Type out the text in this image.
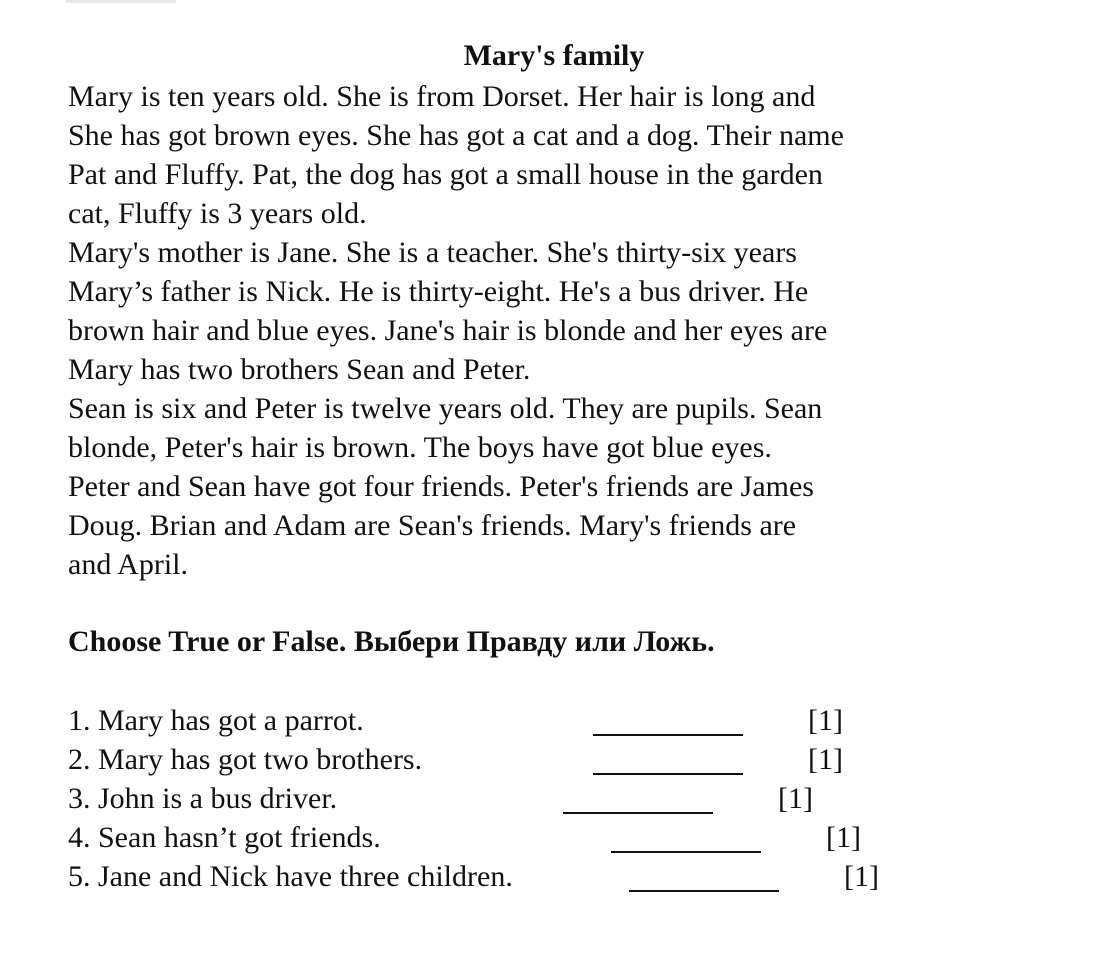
Mary's family
Mary is ten years old. She is from Dorset. Her hair is long and
She has got brown eyes. She has got a cat and a dog. Their name
Pat and Fluffy. Pat, the dog has got a small house in the garden
cat, Fluffy is 3 years old.
Mary's mother is Jane. She is a teacher. She's thirty-six years
Mary’s father is Nick. He is thirty-eight. He's a bus driver. He
brown hair and blue eyes. Jane's hair is blonde and her eyes are
Mary has two brothers Sean and Peter.
Sean is six and Peter is twelve years old. They are pupils. Sean
blonde, Peter's hair is brown. The boys have got blue eyes.
Peter and Sean have got four friends. Peter's friends are James
Doug. Brian and Adam are Sean's friends. Mary's friends are
and April.
Choose True or False. Выбери Правду или Ложь.
1. Mary has got a parrot.	[1]
2. Mary has got two brothers.	[1]
3. John is a bus driver.	[1]
4. Sean hasn’t got friends.	[1]
5. Jane and Nick have three children.	[1]
